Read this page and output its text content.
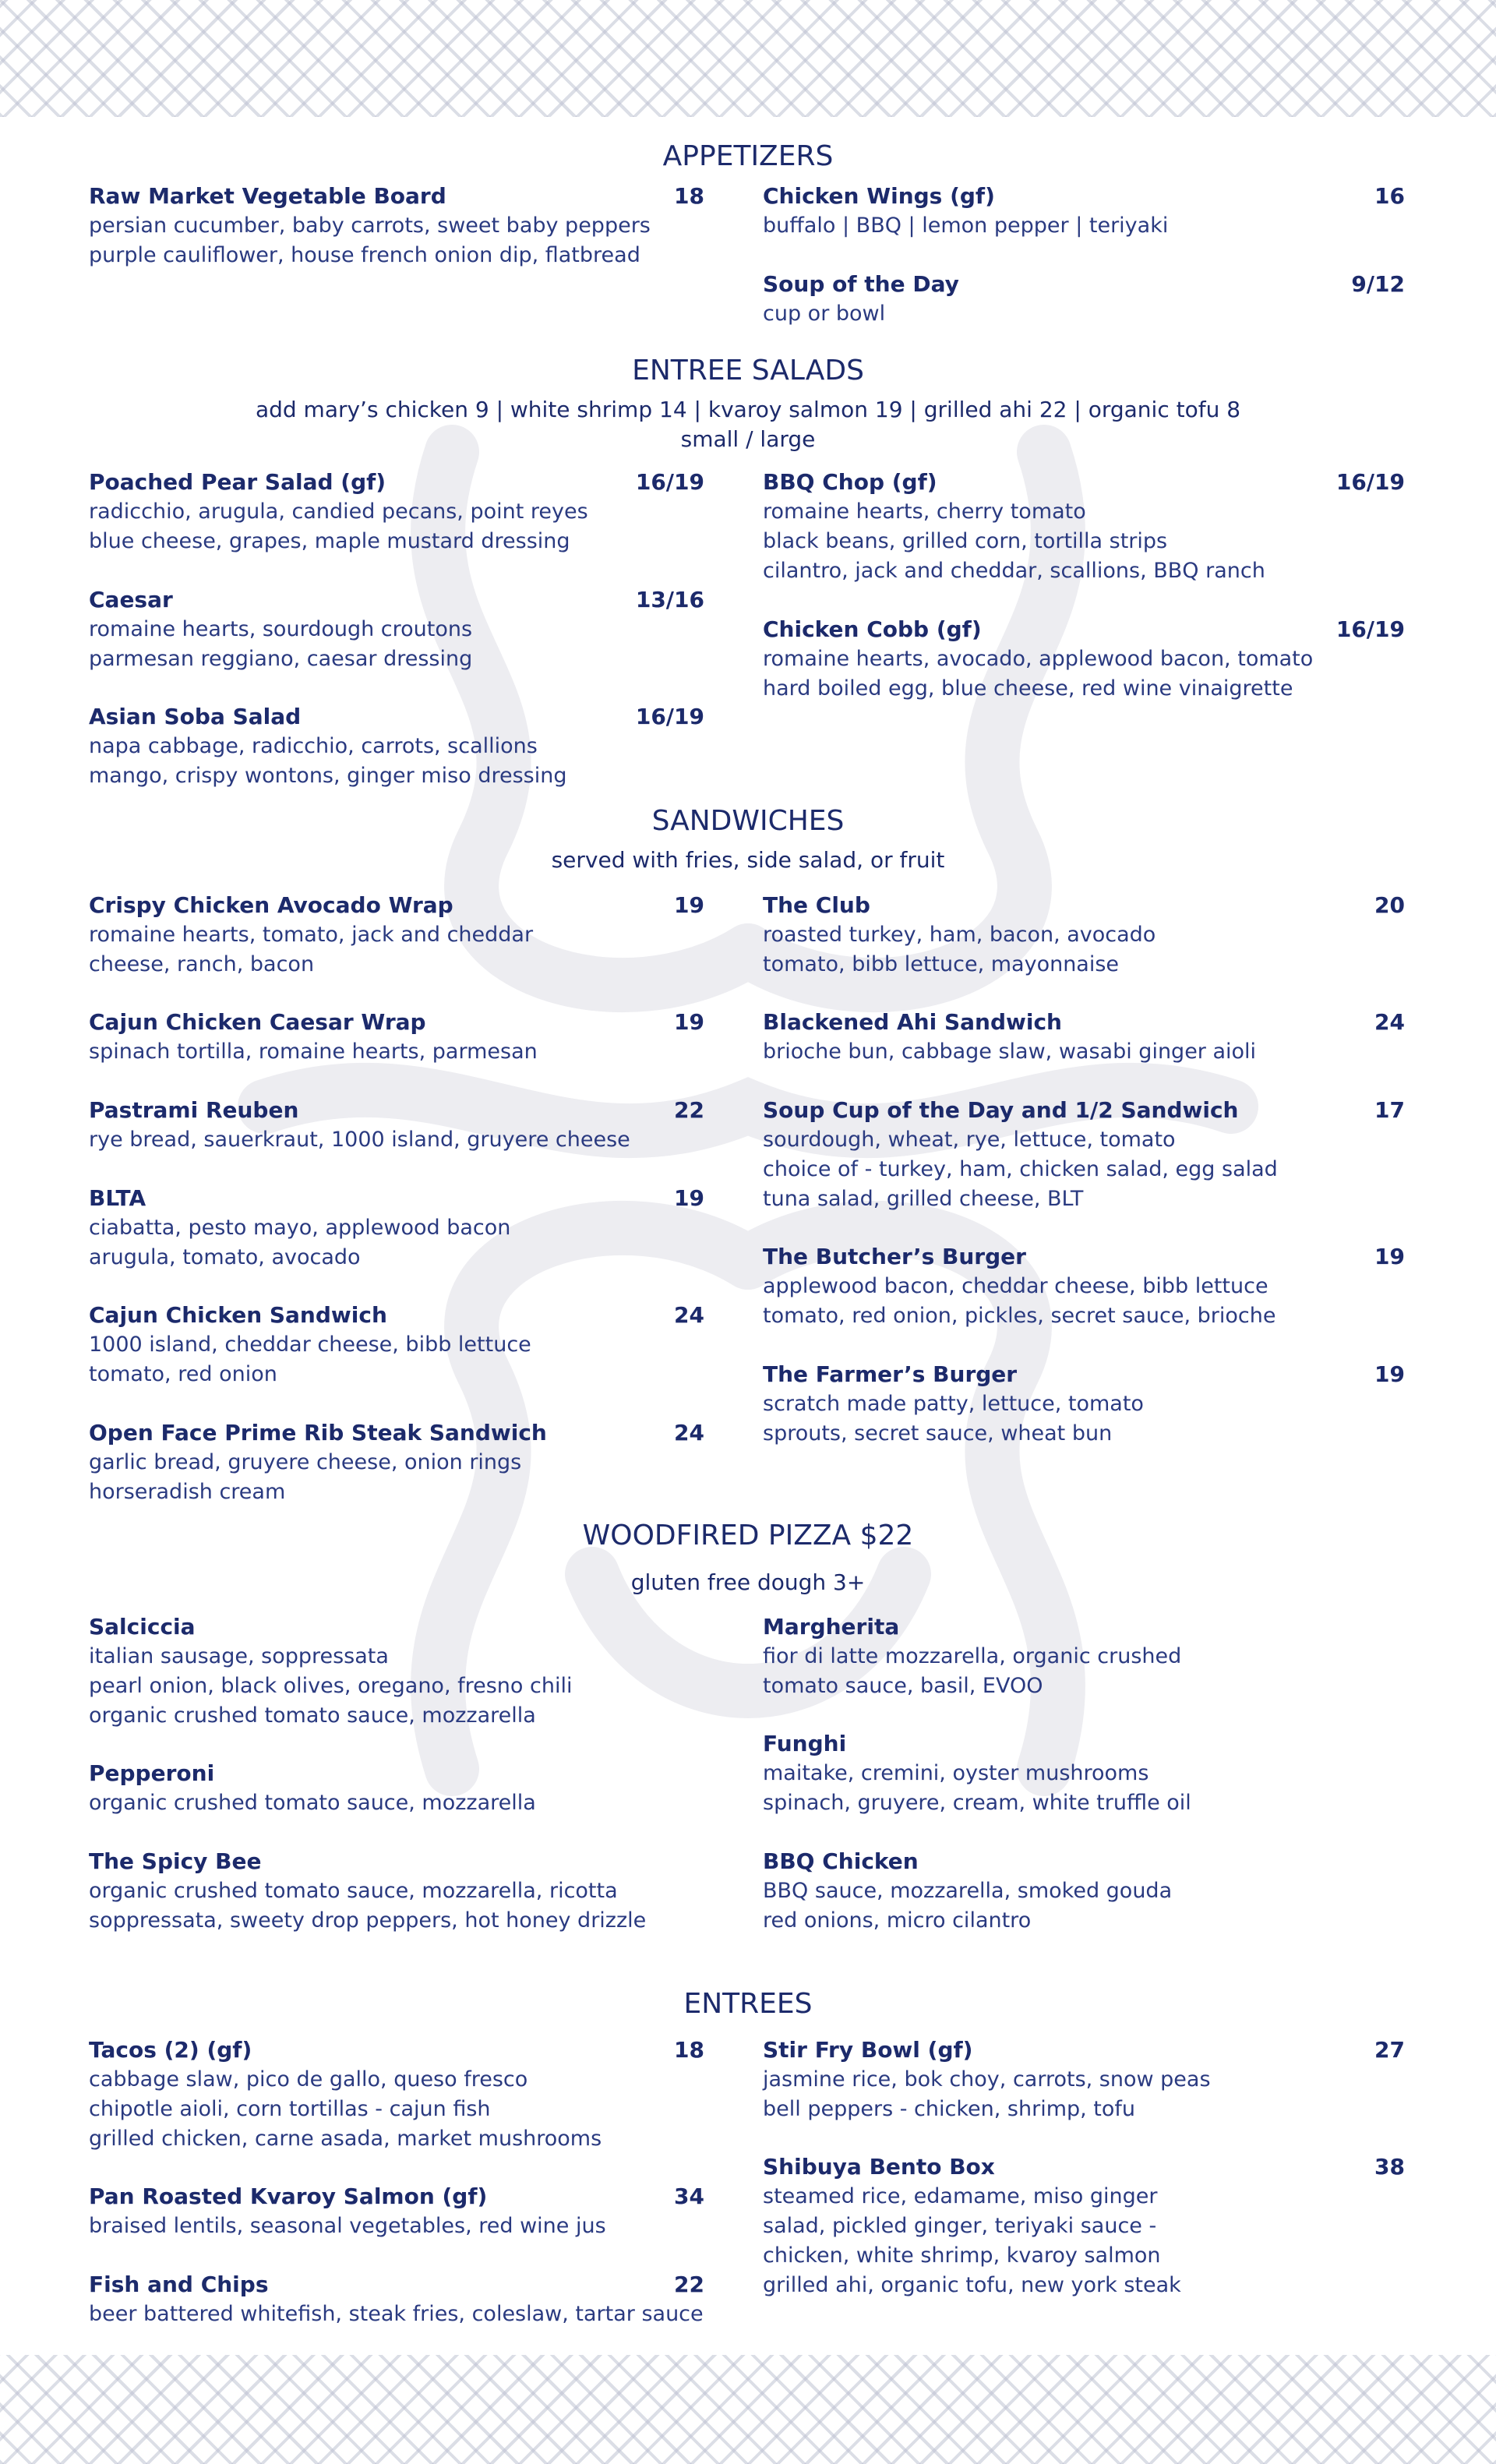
APPETIZERS
Raw Market Vegetable Board	18
persian cucumber, baby carrots, sweet baby peppers
purple cauliflower, house french onion dip, flatbread
Chicken Wings (gf)	16
buffalo | BBQ | lemon pepper | teriyaki
Soup of the Day	9/12
cup or bowl
ENTREE SALADS

add mary’s chicken 9 | white shrimp 14 | kvaroy salmon 19 | grilled ahi 22 | organic tofu 8

small / large

Poached Pear Salad (gf)	16/19
radicchio, arugula, candied pecans, point reyes
blue cheese, grapes, maple mustard dressing
Caesar	13/16
romaine hearts, sourdough croutons
parmesan reggiano, caesar dressing
Asian Soba Salad	16/19
napa cabbage, radicchio, carrots, scallions
mango, crispy wontons, ginger miso dressing
BBQ Chop (gf)	16/19
romaine hearts, cherry tomato
black beans, grilled corn, tortilla strips
cilantro, jack and cheddar, scallions, BBQ ranch
Chicken Cobb (gf)	16/19
romaine hearts, avocado, applewood bacon, tomato
hard boiled egg, blue cheese, red wine vinaigrette
SANDWICHES

served with fries, side salad, or fruit

Crispy Chicken Avocado Wrap	19
romaine hearts, tomato, jack and cheddar
cheese, ranch, bacon
Cajun Chicken Caesar Wrap	19
spinach tortilla, romaine hearts, parmesan
Pastrami Reuben	22
rye bread, sauerkraut, 1000 island, gruyere cheese
BLTA	19
ciabatta, pesto mayo, applewood bacon
arugula, tomato, avocado
Cajun Chicken Sandwich	24
1000 island, cheddar cheese, bibb lettuce
tomato, red onion
Open Face Prime Rib Steak Sandwich	24
garlic bread, gruyere cheese, onion rings
horseradish cream
The Club	20
roasted turkey, ham, bacon, avocado
tomato, bibb lettuce, mayonnaise
Blackened Ahi Sandwich	24
brioche bun, cabbage slaw, wasabi ginger aioli
Soup Cup of the Day and 1/2 Sandwich	17
sourdough, wheat, rye, lettuce, tomato
choice of - turkey, ham, chicken salad, egg salad
tuna salad, grilled cheese, BLT
The Butcher’s Burger	19
applewood bacon, cheddar cheese, bibb lettuce
tomato, red onion, pickles, secret sauce, brioche
The Farmer’s Burger	19
scratch made patty, lettuce, tomato
sprouts, secret sauce, wheat bun
WOODFIRED PIZZA $22

gluten free dough 3+

Salciccia
italian sausage, soppressata
pearl onion, black olives, oregano, fresno chili
organic crushed tomato sauce, mozzarella
Pepperoni
organic crushed tomato sauce, mozzarella
The Spicy Bee
organic crushed tomato sauce, mozzarella, ricotta
soppressata, sweety drop peppers, hot honey drizzle
Margherita
fior di latte mozzarella, organic crushed
tomato sauce, basil, EVOO
Funghi
maitake, cremini, oyster mushrooms
spinach, gruyere, cream, white truffle oil
BBQ Chicken
BBQ sauce, mozzarella, smoked gouda
red onions, micro cilantro
ENTREES
Tacos (2) (gf)	18
cabbage slaw, pico de gallo, queso fresco
chipotle aioli, corn tortillas - cajun fish
grilled chicken, carne asada, market mushrooms
Pan Roasted Kvaroy Salmon (gf)	34
braised lentils, seasonal vegetables, red wine jus
Fish and Chips	22
beer battered whitefish, steak fries, coleslaw, tartar sauce
Stir Fry Bowl (gf)	27
jasmine rice, bok choy, carrots, snow peas
bell peppers - chicken, shrimp, tofu
Shibuya Bento Box	38
steamed rice, edamame, miso ginger
salad, pickled ginger, teriyaki sauce -
chicken, white shrimp, kvaroy salmon
grilled ahi, organic tofu, new york steak
